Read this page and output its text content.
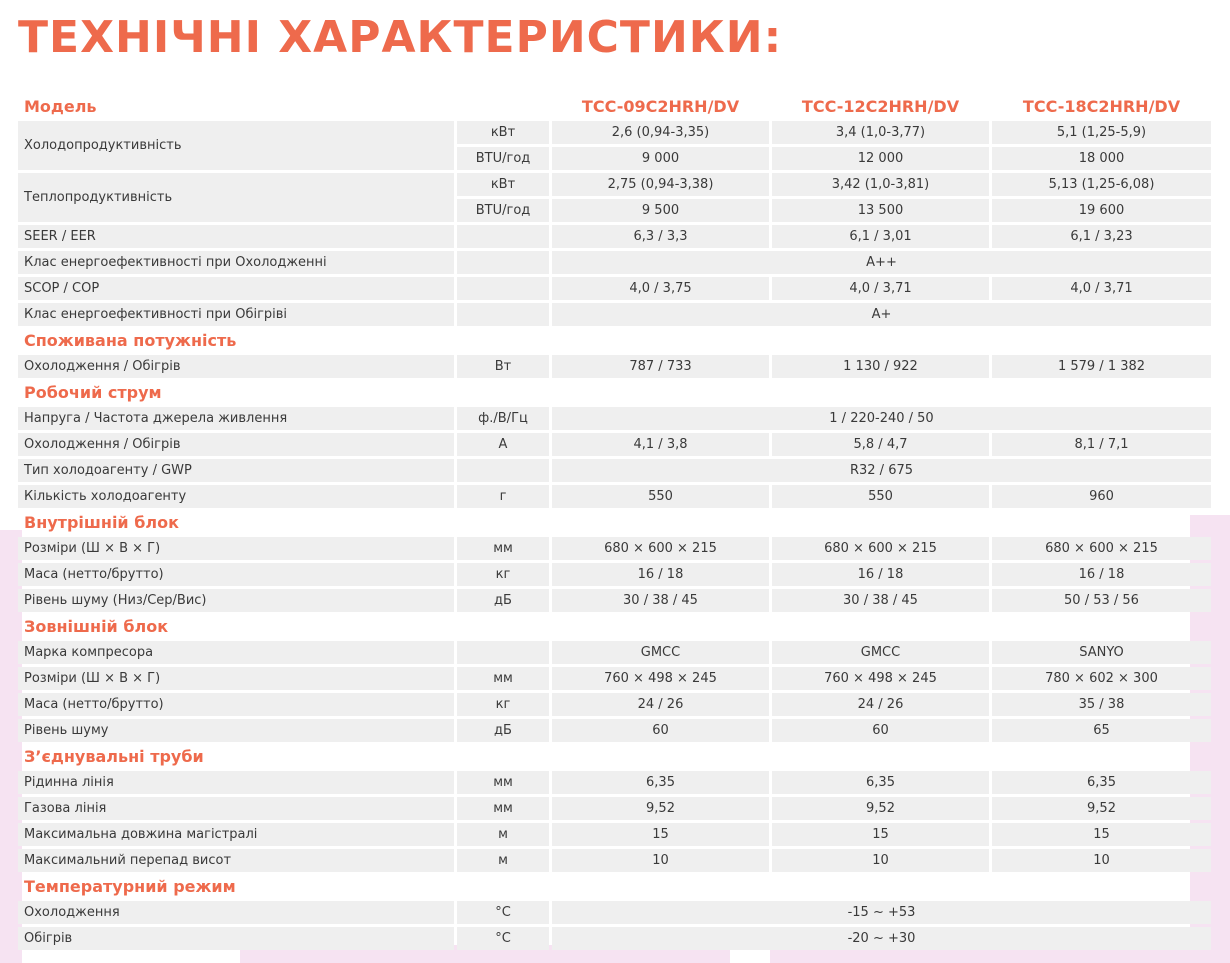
ТЕХНІЧНІ ХАРАКТЕРИСТИКИ:
Модель		TCC-09C2HRH/DV	TCC-12C2HRH/DV	TCC-18C2HRH/DV
Холодопродуктивність	кВт	2,6 (0,94-3,35)	3,4 (1,0-3,77)	5,1 (1,25-5,9)
	BTU/год	9 000	12 000	18 000
Теплопродуктивність	кВт	2,75 (0,94-3,38)	3,42 (1,0-3,81)	5,13 (1,25-6,08)
	BTU/год	9 500	13 500	19 600
SEER / EER		6,3 / 3,3	6,1 / 3,01	6,1 / 3,23
Клас енергоефективності при Охолодженні		A++		
SCOP / COP		4,0 / 3,75	4,0 / 3,71	4,0 / 3,71
Клас енергоефективності при Обігріві		A+		
Споживана потужність				
Охолодження / Обігрів	Вт	787 / 733	1 130 / 922	1 579 / 1 382
Робочий струм				
Напруга / Частота джерела живлення	ф./В/Гц	1 / 220-240 / 50		
Охолодження / Обігрів	А	4,1 / 3,8	5,8 / 4,7	8,1 / 7,1
Тип холодоагенту / GWP		R32 / 675		
Кількість холодоагенту	г	550	550	960
Внутрішній блок				
Розміри (Ш × В × Г)	мм	680 × 600 × 215	680 × 600 × 215	680 × 600 × 215
Маса (нетто/брутто)	кг	16 / 18	16 / 18	16 / 18
Рівень шуму (Низ/Сер/Вис)	дБ	30 / 38 / 45	30 / 38 / 45	50 / 53 / 56
Зовнішній блок				
Марка компресора		GMCC	GMCC	SANYO
Розміри (Ш × В × Г)	мм	760 × 498 × 245	760 × 498 × 245	780 × 602 × 300
Маса (нетто/брутто)	кг	24 / 26	24 / 26	35 / 38
Рівень шуму	дБ	60	60	65
З’єднувальні труби				
Рідинна лінія	мм	6,35	6,35	6,35
Газова лінія	мм	9,52	9,52	9,52
Максимальна довжина магістралі	м	15	15	15
Максимальний перепад висот	м	10	10	10
Температурний режим				
Охолодження	°C	-15 ~ +53		
Обігрів	°C	-20 ~ +30		
